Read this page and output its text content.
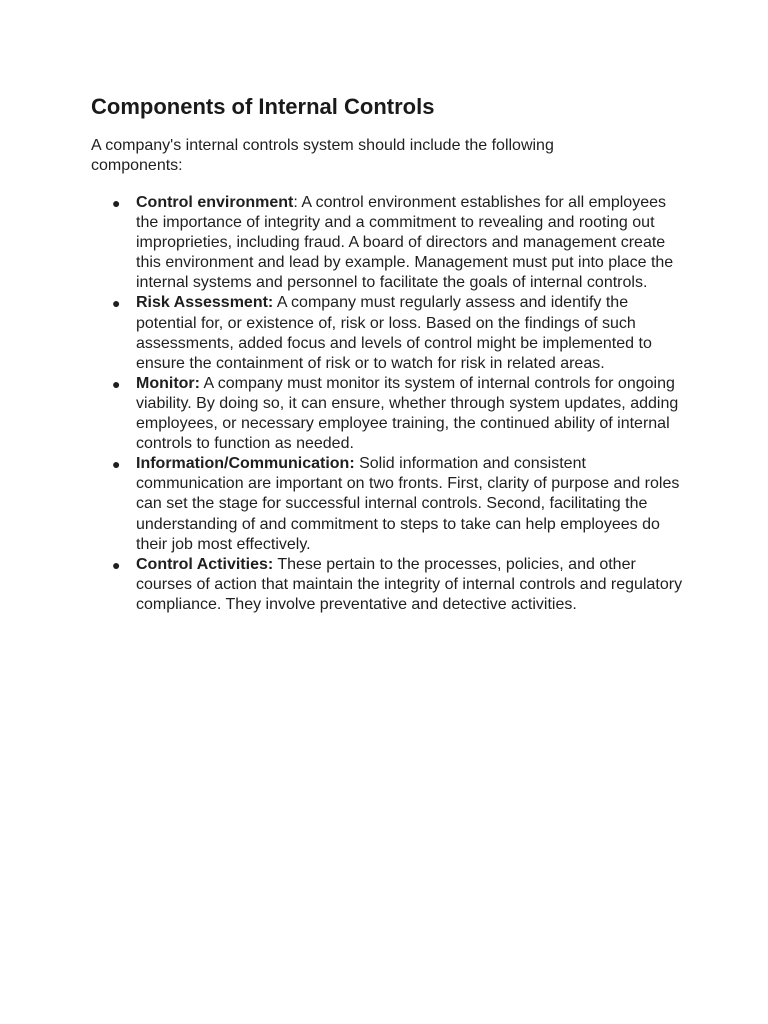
Components of Internal Controls

A company's internal controls system should include the following components:

● Control environment: A control environment establishes for all employees the importance of integrity and a commitment to revealing and rooting out improprieties, including fraud. A board of directors and management create this environment and lead by example. Management must put into place the internal systems and personnel to facilitate the goals of internal controls.
● Risk Assessment: A company must regularly assess and identify the potential for, or existence of, risk or loss. Based on the findings of such assessments, added focus and levels of control might be implemented to ensure the containment of risk or to watch for risk in related areas.
● Monitor: A company must monitor its system of internal controls for ongoing viability. By doing so, it can ensure, whether through system updates, adding employees, or necessary employee training, the continued ability of internal controls to function as needed.
● Information/Communication: Solid information and consistent communication are important on two fronts. First, clarity of purpose and roles can set the stage for successful internal controls. Second, facilitating the understanding of and commitment to steps to take can help employees do their job most effectively.
● Control Activities: These pertain to the processes, policies, and other courses of action that maintain the integrity of internal controls and regulatory compliance. They involve preventative and detective activities.
